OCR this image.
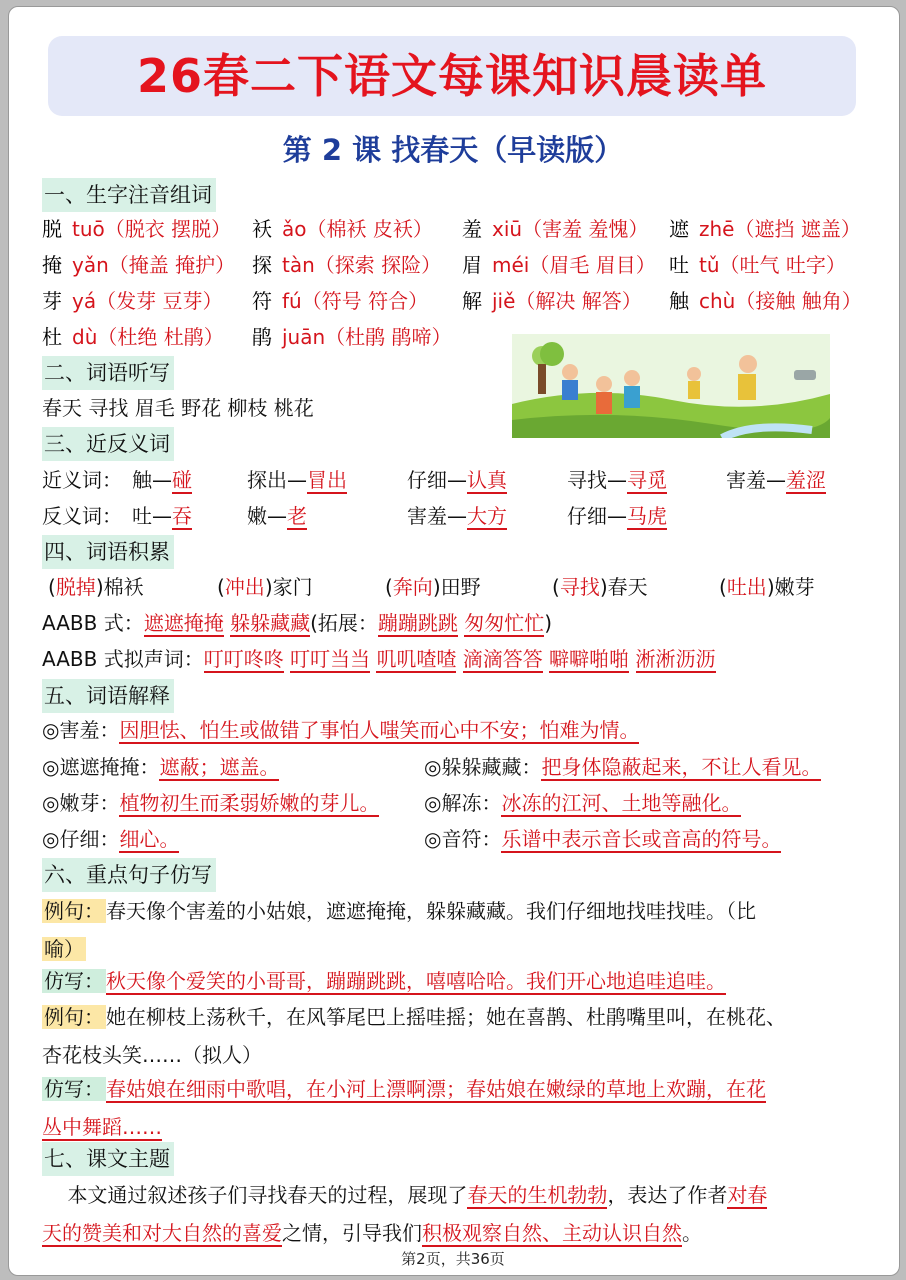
26春二下语文每课知识晨读单
第 2 课 找春天（早读版）
一、生字注音组词
脱 tuō（脱衣 摆脱） 袄 ǎo（棉袄 皮袄） 羞 xiū（害羞 羞愧） 遮 zhē（遮挡 遮盖）
掩 yǎn（掩盖 掩护） 探 tàn（探索 探险） 眉 méi（眉毛 眉目） 吐 tǔ（吐气 吐字）
芽 yá（发芽 豆芽） 符 fú（符号 符合） 解 jiě（解决 解答） 触 chù（接触 触角）
杜 dù（杜绝 杜鹃） 鹃 juān（杜鹃 鹃啼）
二、词语听写
春天 寻找 眉毛 野花 柳枝 桃花
三、近反义词
近义词： 触—碰	探出—冒出	仔细—认真	寻找—寻觅	害羞—羞涩
反义词： 吐—吞	嫩—老	害羞—大方	仔细—马虎
四、词语积累
(脱掉)棉袄	(冲出)家门	(奔向)田野	(寻找)春天	(吐出)嫩芽
AABB 式：遮遮掩掩 躲躲藏藏(拓展：蹦蹦跳跳 匆匆忙忙)
AABB 式拟声词：叮叮咚咚 叮叮当当 叽叽喳喳 滴滴答答 噼噼啪啪 淅淅沥沥
五、词语解释
◎害羞：因胆怯、怕生或做错了事怕人嗤笑而心中不安；怕难为情。
◎遮遮掩掩：遮蔽；遮盖。	◎躲躲藏藏：把身体隐蔽起来，不让人看见。
◎嫩芽：植物初生而柔弱娇嫩的芽儿。 ◎解冻：冰冻的江河、土地等融化。
◎仔细：细心。	◎音符：乐谱中表示音长或音高的符号。
六、重点句子仿写
例句： 春天像个害羞的小姑娘，遮遮掩掩，躲躲藏藏。我们仔细地找哇找哇。（比
喻）
仿写： 秋天像个爱笑的小哥哥，蹦蹦跳跳，嘻嘻哈哈。我们开心地追哇追哇。
例句： 她在柳枝上荡秋千，在风筝尾巴上摇哇摇；她在喜鹊、杜鹃嘴里叫，在桃花、
杏花枝头笑……（拟人）
仿写： 春姑娘在细雨中歌唱，在小河上漂啊漂；春姑娘在嫩绿的草地上欢蹦，在花
丛中舞蹈……
七、课文主题
本文通过叙述孩子们寻找春天的过程，展现了春天的生机勃勃，表达了作者对春
天的赞美和对大自然的喜爱之情，引导我们积极观察自然、主动认识自然。
第2页，共36页
